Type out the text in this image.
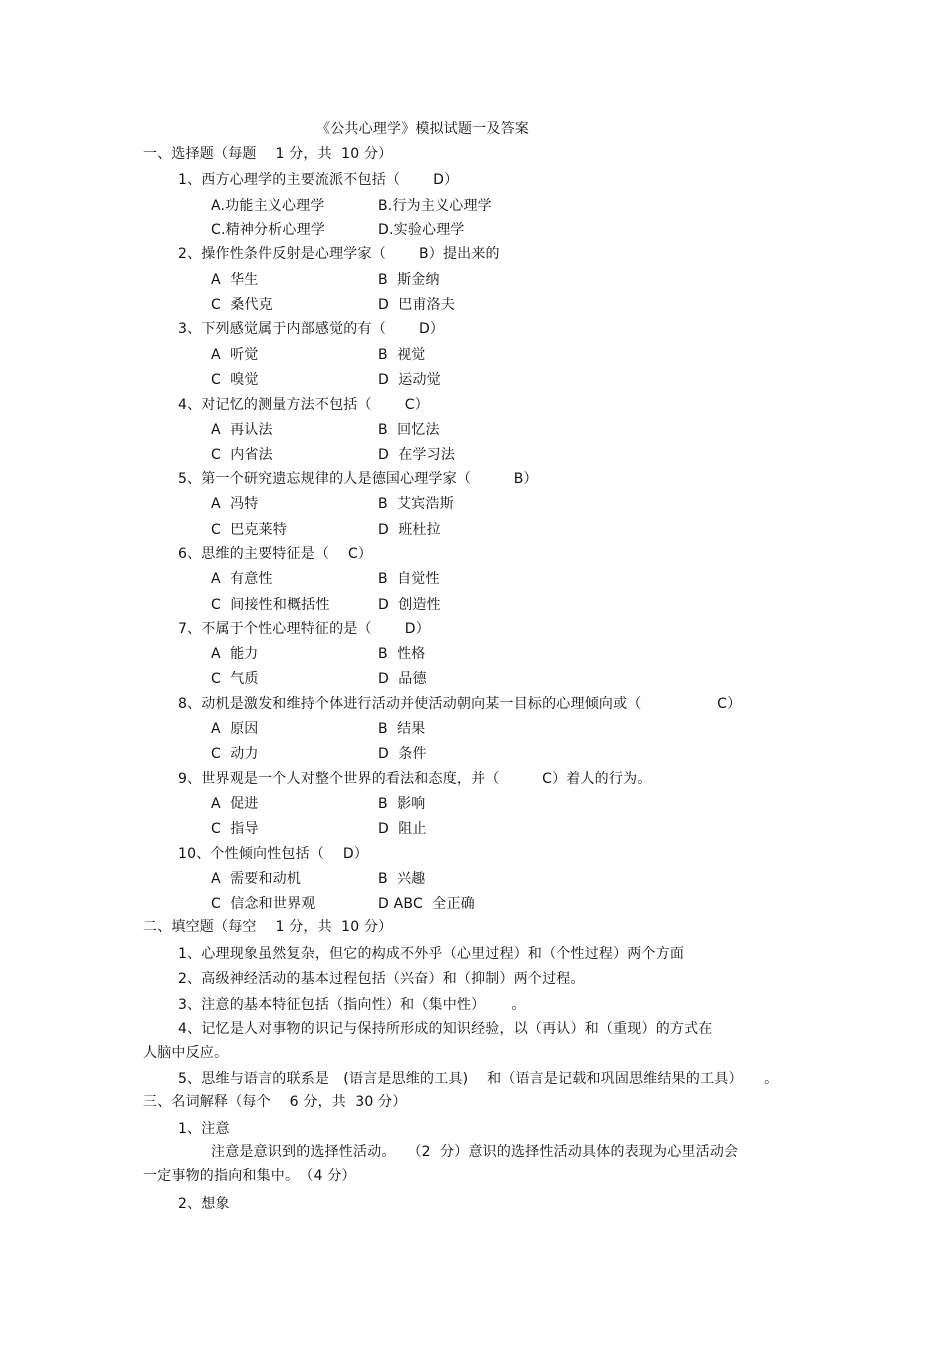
《公共心理学》模拟试题一及答案
一、选择题（每题　 1 分，共  10 分）
1、西方心理学的主要流派不包括（　　 D）
A.功能主义心理学	B.行为主义心理学
C.精神分析心理学	D.实验心理学
2、操作性条件反射是心理学家（　　 B）提出来的
A  华生	B  斯金纳
C  桑代克	D  巴甫洛夫
3、下列感觉属于内部感觉的有（　　 D）
A  听觉	B  视觉
C  嗅觉	D  运动觉
4、对记忆的测量方法不包括（　　 C）
A  再认法	B  回忆法
C  内省法	D  在学习法
5、第一个研究遗忘规律的人是德国心理学家（　　　B）
A  冯特	B  艾宾浩斯
C  巴克莱特	D  班杜拉
6、思维的主要特征是（　 C）
A  有意性	B  自觉性
C  间接性和概括性	D  创造性
7、不属于个性心理特征的是（　　 D）
A  能力	B  性格
C  气质	D  品德
8、动机是激发和维持个体进行活动并使活动朝向某一目标的心理倾向或（　　　　　 C）
A  原因	B  结果
C  动力	D  条件
9、世界观是一个人对整个世界的看法和态度，并（　　　C）着人的行为。
A  促进	B  影响
C  指导	D  阻止
10、个性倾向性包括（　 D）
A  需要和动机	B  兴趣
C  信念和世界观	D ABC  全正确
二、填空题（每空　 1 分，共  10 分）
1、心理现象虽然复杂，但它的构成不外乎（心里过程）和（个性过程）两个方面
2、高级神经活动的基本过程包括（兴奋）和（抑制）两个过程。
3、注意的基本特征包括（指向性）和（集中性）　　 。
4、记忆是人对事物的识记与保持所形成的知识经验，以（再认）和（重现）的方式在
人脑中反应。
5、思维与语言的联系是　(语言是思维的工具)　 和（语言是记载和巩固思维结果的工具）　　。
三、名词解释（每个　 6 分，共  30 分）
1、注意
注意是意识到的选择性活动。　 （2  分）意识的选择性活动具体的表现为心里活动会
一定事物的指向和集中。　（4 分）
2、想象
